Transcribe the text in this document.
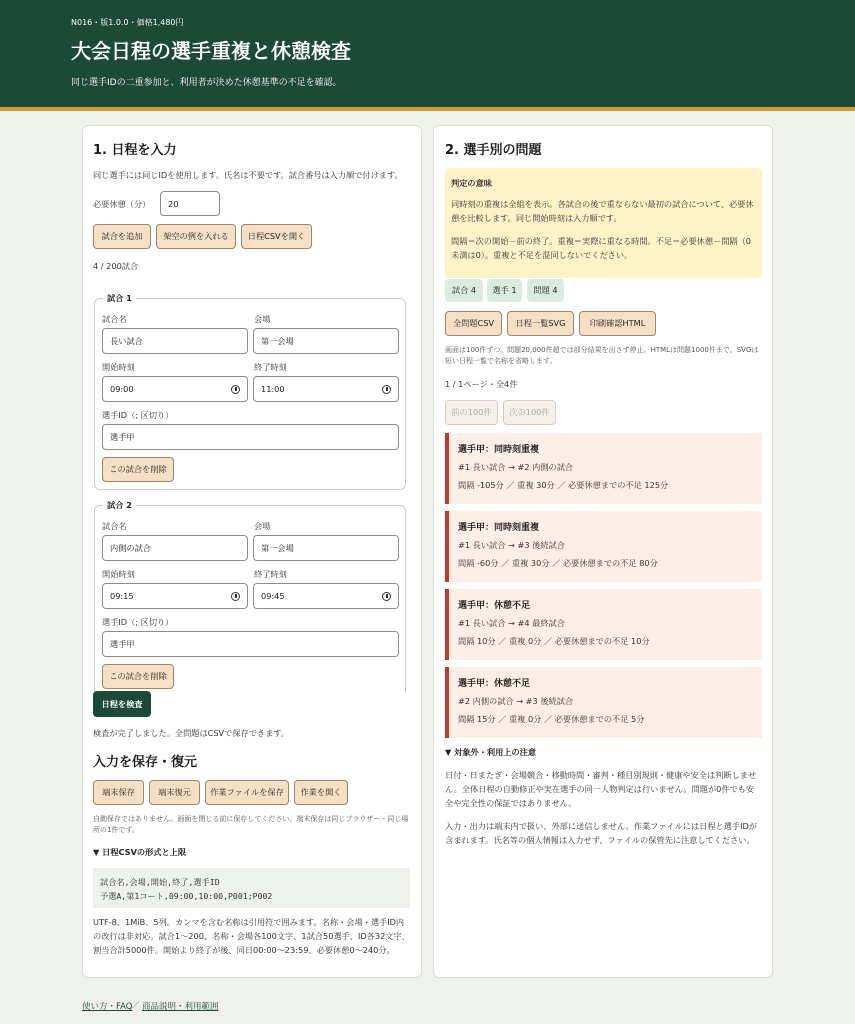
N016・版1.0.0・価格1,480円
大会日程の選手重複と休憩検査
同じ選手IDの二重参加と、利用者が決めた休憩基準の不足を確認。
1. 日程を入力
同じ選手には同じIDを使用します。氏名は不要です。試合番号は入力順で付けます。
必要休憩（分）	20
試合を追加	架空の例を入れる	日程CSVを開く
4 / 200試合
試合 1
試合名	会場
長い試合	第一会場
開始時刻	終了時刻
09:00	11:00
選手ID（; 区切り）
選手甲
この試合を削除
試合 2
試合名	会場
内側の試合	第一会場
開始時刻	終了時刻
09:15	09:45
選手ID（; 区切り）
選手甲
この試合を削除
日程を検査
検査が完了しました。全問題はCSVで保存できます。
入力を保存・復元
端末保存	端末復元	作業ファイルを保存	作業を開く
自動保存ではありません。画面を閉じる前に保存してください。端末保存は同じブラウザー・同じ場所の1件です。
▼ 日程CSVの形式と上限
試合名,会場,開始,終了,選手ID
予選A,第1コート,09:00,10:00,P001;P002
UTF-8、1MiB、5列。カンマを含む名称は引用符で囲みます。名称・会場・選手ID内の改行は非対応。試合1〜200、名称・会場各100文字、1試合50選手、ID各32文字、割当合計5000件。開始より終了が後、同日00:00〜23:59、必要休憩0〜240分。
2. 選手別の問題
判定の意味
同時刻の重複は全組を表示。各試合の後で重ならない最初の試合について、必要休憩を比較します。同じ開始時刻は入力順です。
間隔＝次の開始－前の終了。重複＝実際に重なる時間。不足＝必要休憩－間隔（0未満は0）。重複と不足を混同しないでください。
試合 4	選手 1	問題 4
全問題CSV	日程一覧SVG	印刷確認HTML
画面は100件ずつ。問題20,000件超では部分結果を出さず停止。HTMLは問題1000件まで。SVGは短い日程一覧で名称を省略します。
1 / 1ページ・全4件
前の100件	次の100件
選手甲：同時刻重複
#1 長い試合 → #2 内側の試合
間隔 -105分 ／ 重複 30分 ／ 必要休憩までの不足 125分
選手甲：同時刻重複
#1 長い試合 → #3 後続試合
間隔 -60分 ／ 重複 30分 ／ 必要休憩までの不足 80分
選手甲：休憩不足
#1 長い試合 → #4 最終試合
間隔 10分 ／ 重複 0分 ／ 必要休憩までの不足 10分
選手甲：休憩不足
#2 内側の試合 → #3 後続試合
間隔 15分 ／ 重複 0分 ／ 必要休憩までの不足 5分
▼ 対象外・利用上の注意
日付・日またぎ・会場競合・移動時間・審判・種目別規則・健康や安全は判断しません。全体日程の自動修正や実在選手の同一人物判定は行いません。問題が0件でも安全や完全性の保証ではありません。
入力・出力は端末内で扱い、外部に送信しません。作業ファイルには日程と選手IDが含まれます。氏名等の個人情報は入力せず、ファイルの保管先に注意してください。
使い方・FAQ
／ 商品説明・利用範囲
